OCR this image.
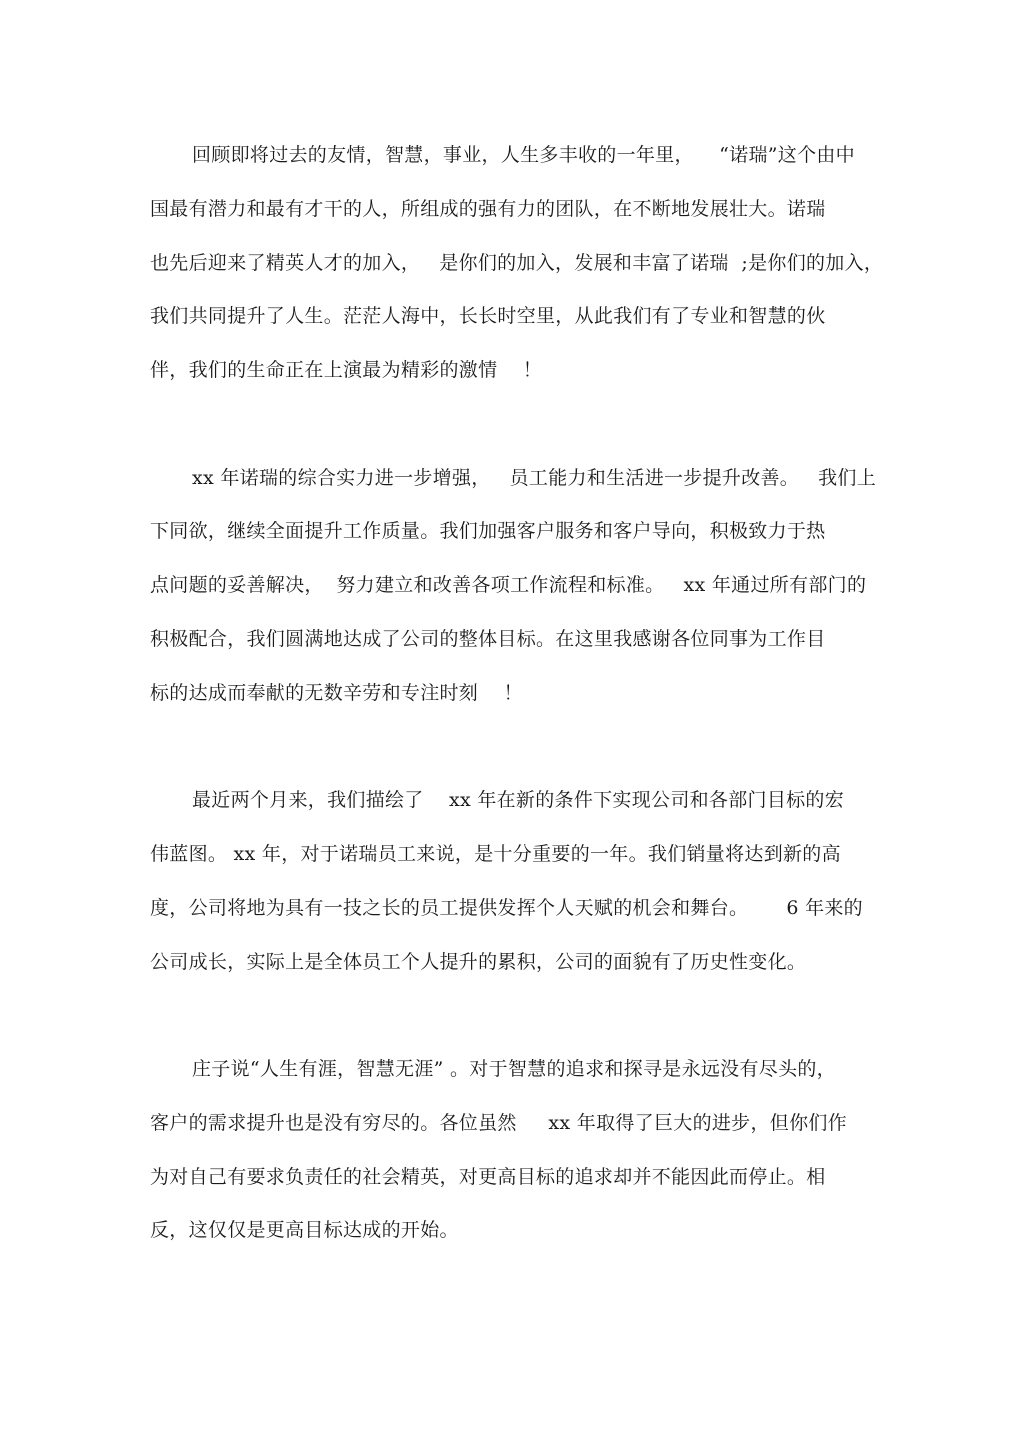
回顾即将过去的友情，智慧，事业，人生多丰收的一年里，    “诺瑞”这个由中
国最有潜力和最有才干的人，所组成的强有力的团队，在不断地发展壮大。诺瑞
也先后迎来了精英人才的加入，   是你们的加入，发展和丰富了诺瑞  ;是你们的加入，
我们共同提升了人生。茫茫人海中，长长时空里，从此我们有了专业和智慧的伙
伴，我们的生命正在上演最为精彩的激情    ！
xx 年诺瑞的综合实力进一步增强，   员工能力和生活进一步提升改善。   我们上
下同欲，继续全面提升工作质量。我们加强客户服务和客户导向，积极致力于热
点问题的妥善解决，  努力建立和改善各项工作流程和标准。   xx 年通过所有部门的
积极配合，我们圆满地达成了公司的整体目标。在这里我感谢各位同事为工作目
标的达成而奉献的无数辛劳和专注时刻    ！
最近两个月来，我们描绘了    xx 年在新的条件下实现公司和各部门目标的宏
伟蓝图。 xx 年，对于诺瑞员工来说，是十分重要的一年。我们销量将达到新的高
度，公司将地为具有一技之长的员工提供发挥个人天赋的机会和舞台。      6 年来的
公司成长，实际上是全体员工个人提升的累积，公司的面貌有了历史性变化。
庄子说“人生有涯，智慧无涯” 。对于智慧的追求和探寻是永远没有尽头的，
客户的需求提升也是没有穷尽的。各位虽然     xx 年取得了巨大的进步，但你们作
为对自己有要求负责任的社会精英，对更高目标的追求却并不能因此而停止。相
反，这仅仅是更高目标达成的开始。
